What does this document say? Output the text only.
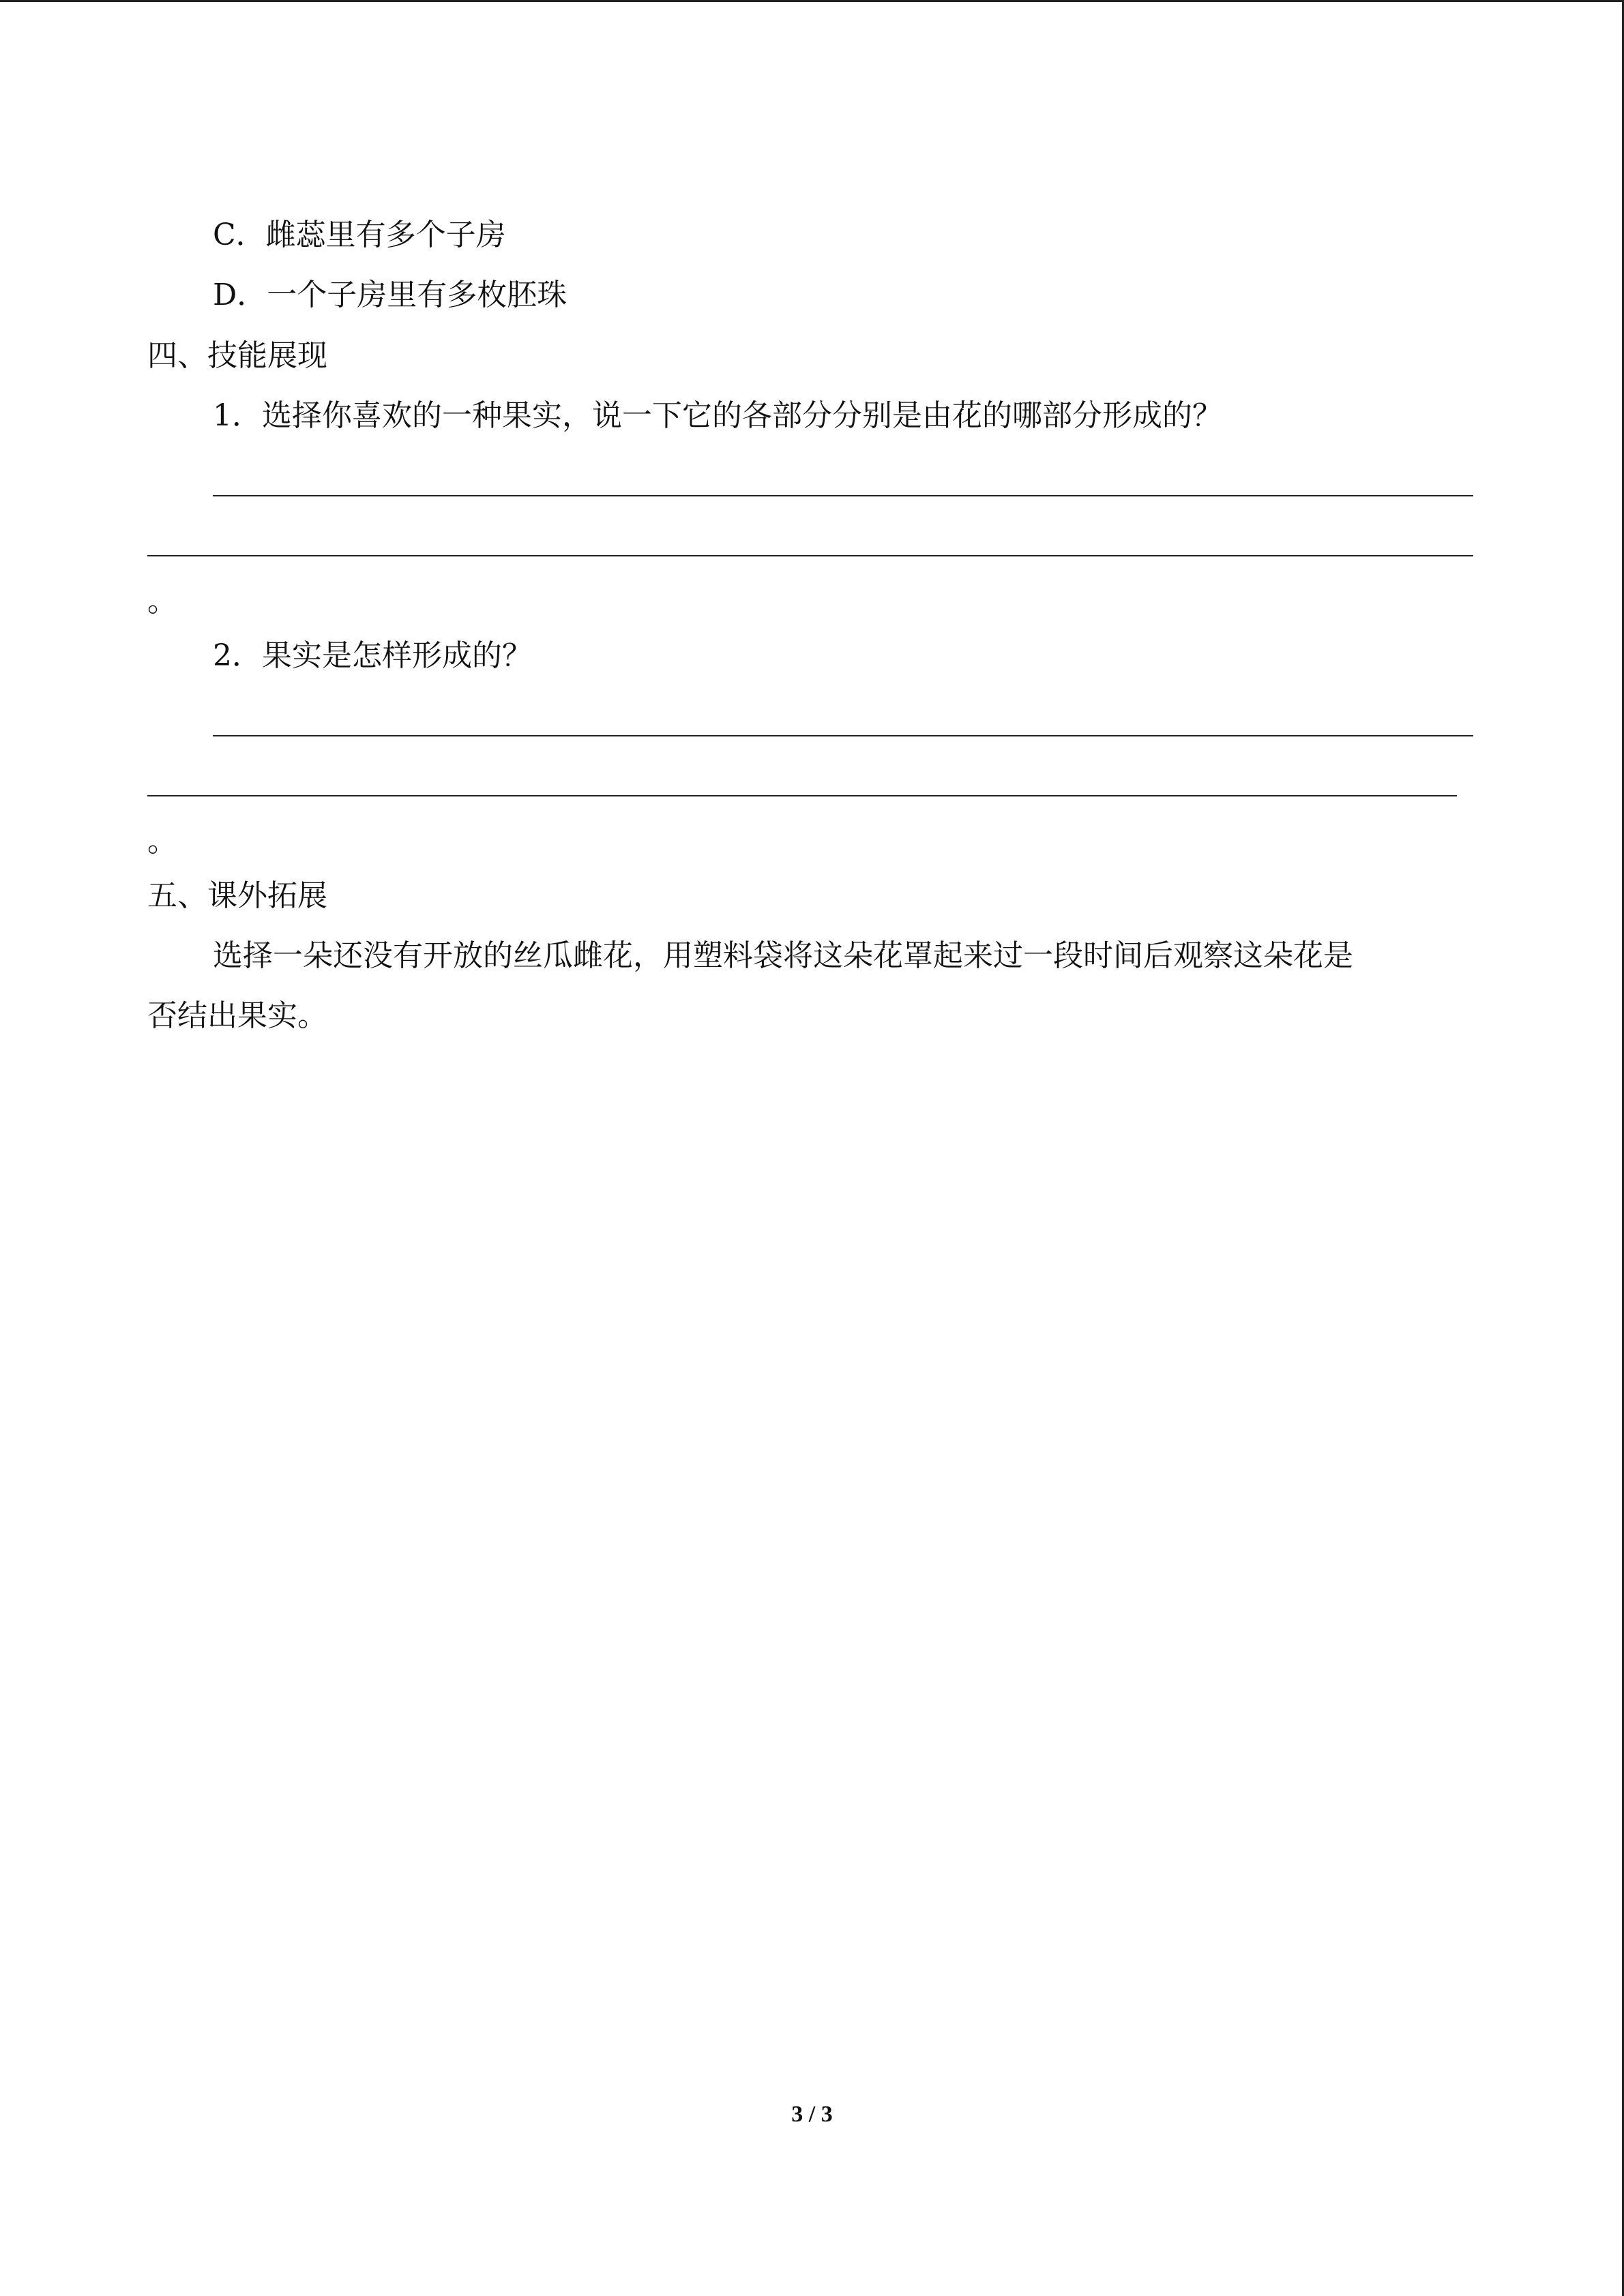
C．雌蕊里有多个子房
D．一个子房里有多枚胚珠
四、技能展现
1．选择你喜欢的一种果实，说一下它的各部分分别是由花的哪部分形成的？
。
2．果实是怎样形成的？
。
五、课外拓展
选择一朵还没有开放的丝瓜雌花，用塑料袋将这朵花罩起来过一段时间后观察这朵花是
否结出果实。
3 / 3
